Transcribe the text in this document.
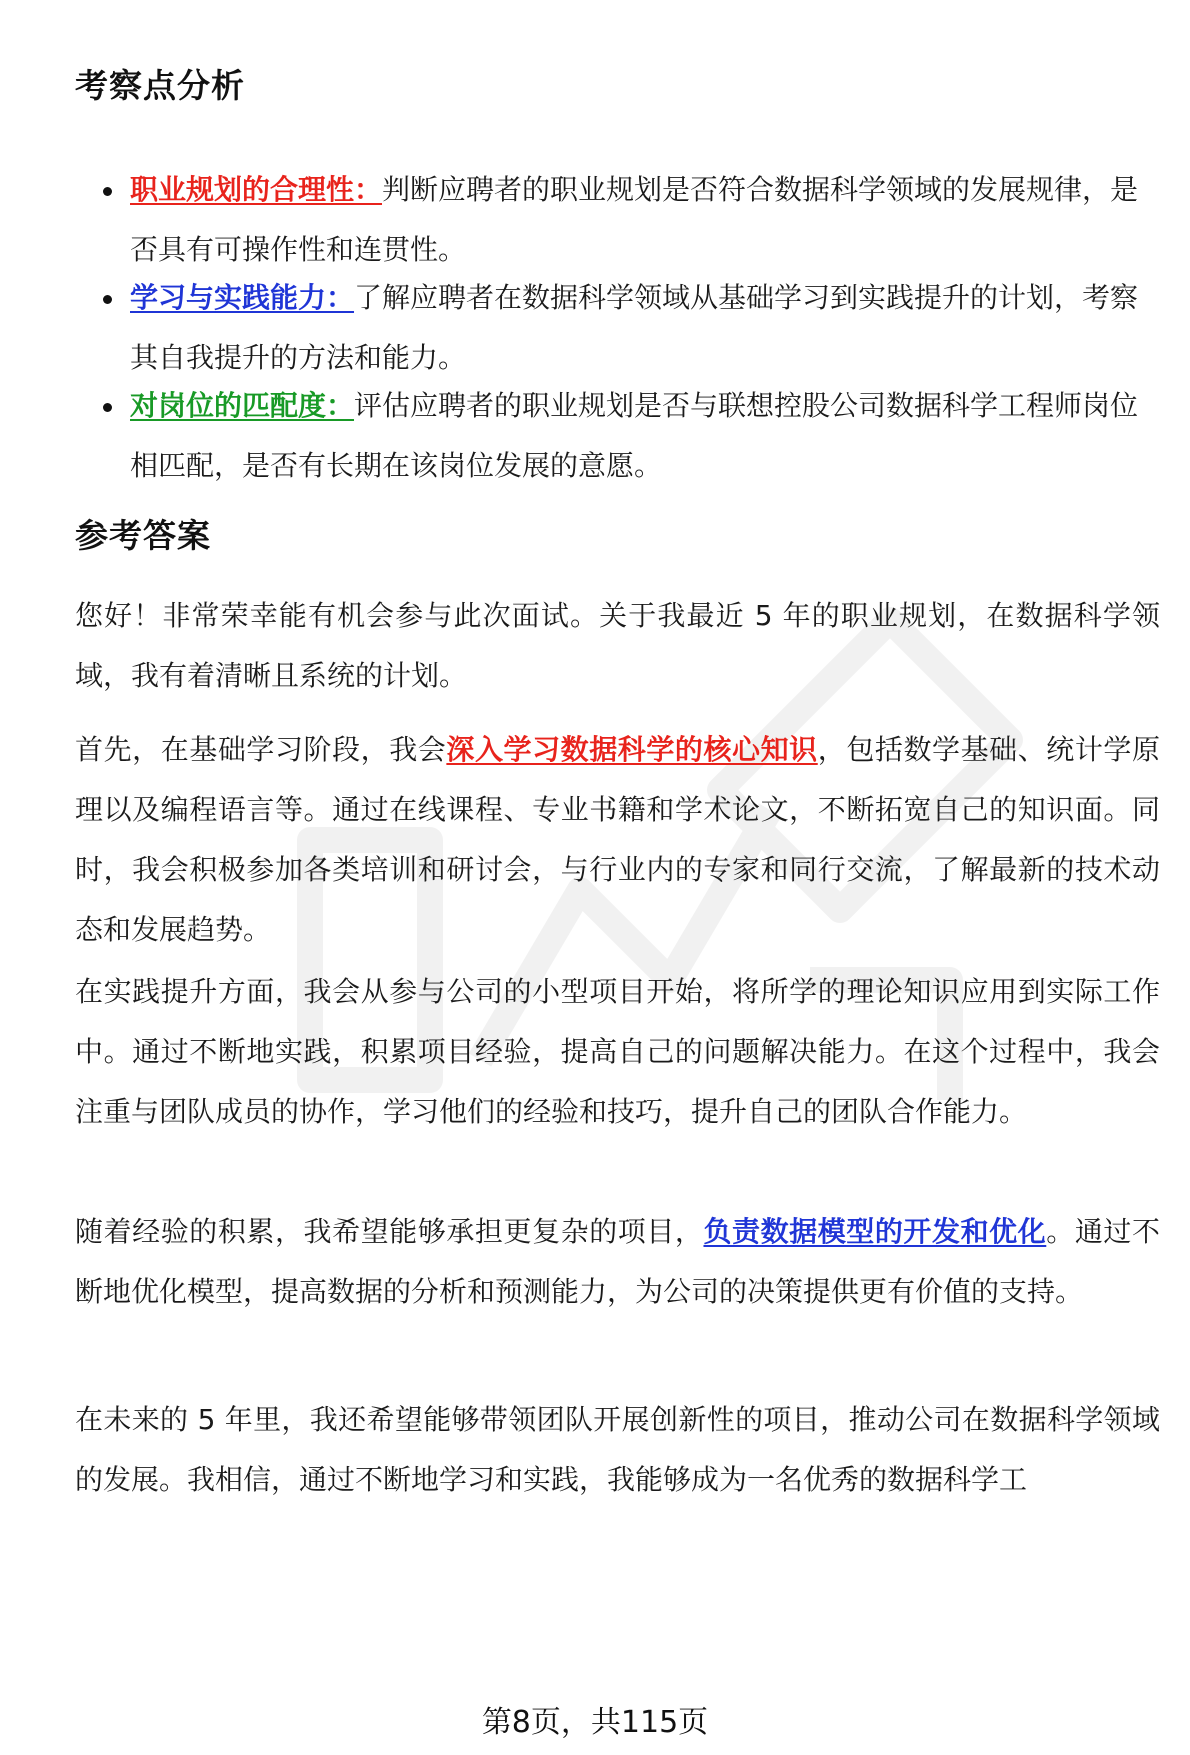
考察点分析
职业规划的合理性：判断应聘者的职业规划是否符合数据科学领域的发展规律，是否具有可操作性和连贯性。
学习与实践能力：了解应聘者在数据科学领域从基础学习到实践提升的计划，考察其自我提升的方法和能力。
对岗位的匹配度：评估应聘者的职业规划是否与联想控股公司数据科学工程师岗位相匹配，是否有长期在该岗位发展的意愿。
参考答案

您好！非常荣幸能有机会参与此次面试。关于我最近 5 年的职业规划，在数据科学领域，我有着清晰且系统的计划。

首先，在基础学习阶段，我会深入学习数据科学的核心知识，包括数学基础、统计学原理以及编程语言等。通过在线课程、专业书籍和学术论文，不断拓宽自己的知识面。同时，我会积极参加各类培训和研讨会，与行业内的专家和同行交流，了解最新的技术动态和发展趋势。

在实践提升方面，我会从参与公司的小型项目开始，将所学的理论知识应用到实际工作中。通过不断地实践，积累项目经验，提高自己的问题解决能力。在这个过程中，我会注重与团队成员的协作，学习他们的经验和技巧，提升自己的团队合作能力。

随着经验的积累，我希望能够承担更复杂的项目，负责数据模型的开发和优化。通过不断地优化模型，提高数据的分析和预测能力，为公司的决策提供更有价值的支持。

在未来的 5 年里，我还希望能够带领团队开展创新性的项目，推动公司在数据科学领域的发展。我相信，通过不断地学习和实践，我能够成为一名优秀的数据科学工

第8页，共115页
